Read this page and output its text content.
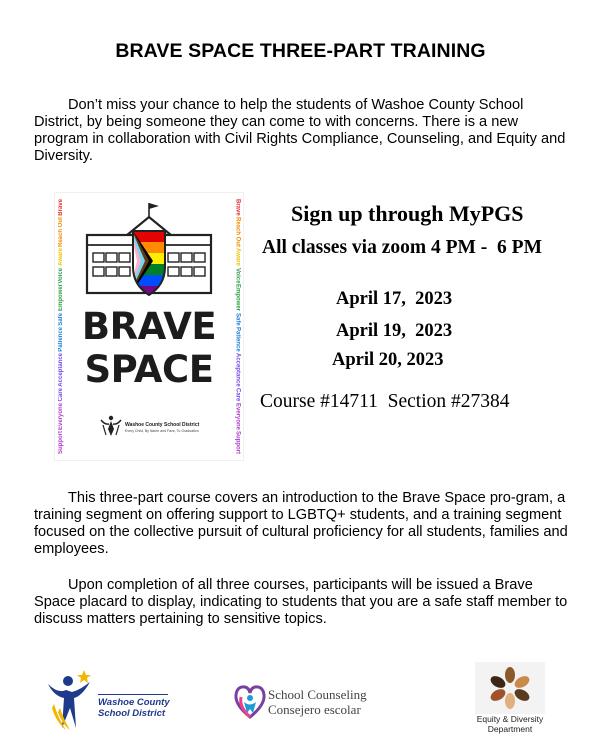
BRAVE SPACE THREE-PART TRAINING

Don’t miss your chance to help the students of Washoe County School District, by being someone they can come to with concerns. There is a new program in collaboration with Civil Rights Compliance, Counseling, and Equity and Diversity.

Brave
Reach Out
Aware
Voice
Empower
Safe
Patience
Acceptance
Care
Everyone
Support
Brave
Reach Out
Aware
Voice
Empower
Safe
Patience
Acceptance
Care
Everyone
Support
BRAVE
SPACE
Washoe County School District
Every Child, By Name and Face, To Graduation
Sign up through MyPGS
All classes via zoom 4 PM -  6 PM
April 17,  2023
April 19,  2023
April 20, 2023
Course #14711  Section #27384

This three-part course covers an introduction to the Brave Space pro-gram, a training segment on offering support to LGBTQ+ students, and a training segment focused on the collective pursuit of cultural proficiency for all students, families and employees.

Upon completion of all three courses, participants will be issued a Brave Space placard to display, indicating to students that you are a safe staff member to discuss matters pertaining to sensitive topics.

Washoe County
School District
School Counseling
Consejero escolar
Equity & Diversity
Department
